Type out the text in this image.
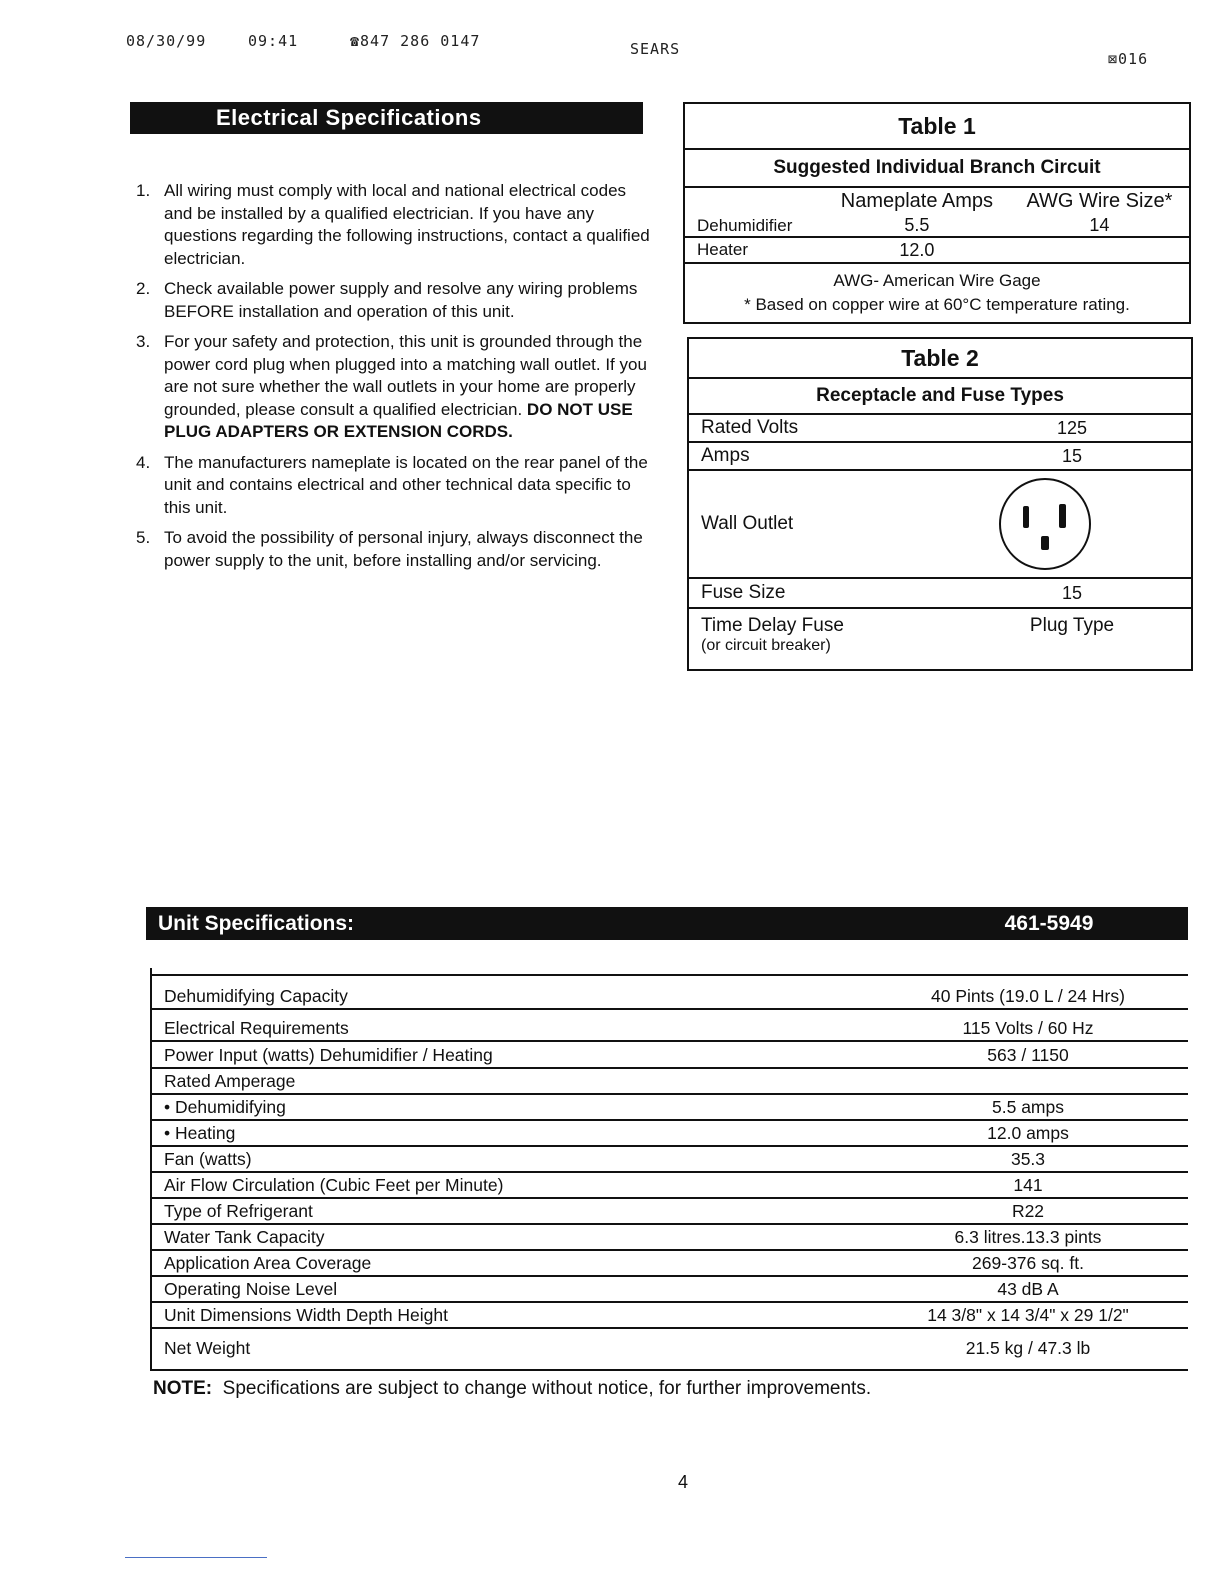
08/30/99	09:41	☎847 286 0147	SEARS
⊠016
Electrical Specifications
1. All wiring must comply with local and national electrical codes and be installed by a qualified electrician. If you have any questions regarding the following instructions, contact a qualified electrician.
2. Check available power supply and resolve any wiring problems BEFORE installation and operation of this unit.
3. For your safety and protection, this unit is grounded through the power cord plug when plugged into a matching wall outlet. If you are not sure whether the wall outlets in your home are properly grounded, please consult a qualified electrician. DO NOT USE PLUG ADAPTERS OR EXTENSION CORDS.
4. The manufacturers nameplate is located on the rear panel of the unit and contains electrical and other technical data specific to this unit.
5. To avoid the possibility of personal injury, always disconnect the power supply to the unit, before installing and/or servicing.
Table 1		
Suggested Individual Branch Circuit		
	Nameplate Amps	AWG Wire Size*
Dehumidifier	5.5	14
Heater	12.0	
AWG- American Wire Gage		
* Based on copper wire at 60°C temperature rating.		
Table 2	
Receptacle and Fuse Types	
Rated Volts	125
Amps	15
Wall Outlet	

Fuse Size	15

Time Delay Fuse
(or circuit breaker)	Plug Type
Unit Specifications:	461-5949
Dehumidifying Capacity	40 Pints (19.0 L / 24 Hrs)
Electrical Requirements	115 Volts / 60 Hz
Power Input (watts) Dehumidifier / Heating	563 / 1150
Rated Amperage
• Dehumidifying	5.5 amps
• Heating	12.0 amps
Fan (watts)	35.3
Air Flow Circulation (Cubic Feet per Minute)	141
Type of Refrigerant	R22
Water Tank Capacity	6.3 litres.13.3 pints
Application Area Coverage	269-376 sq. ft.
Operating Noise Level	43 dB A
Unit Dimensions Width Depth Height	14 3/8" x 14 3/4" x 29 1/2"
Net Weight	21.5 kg / 47.3 lb
NOTE: Specifications are subject to change without notice, for further improvements.
4
